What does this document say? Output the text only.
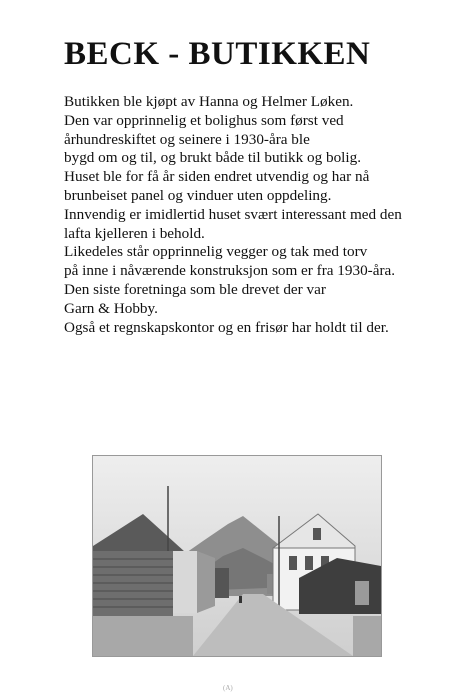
BECK - BUTIKKEN
Butikken ble kjøpt av Hanna og Helmer Løken.
Den var opprinnelig et bolighus som først ved
århundreskiftet og seinere i 1930-åra ble
bygd om og til, og brukt både til butikk og bolig.
Huset ble for få år siden endret utvendig og har nå
brunbeiset panel og vinduer uten oppdeling.
Innvendig er imidlertid huset svært interessant med den
lafta kjelleren i behold.
Likedeles står opprinnelig vegger og tak med torv
på inne i nåværende konstruksjon som er fra 1930-åra.
Den siste foretninga som ble drevet der var
Garn & Hobby.
Også et regnskapskontor og en frisør har holdt til der.
(A)
